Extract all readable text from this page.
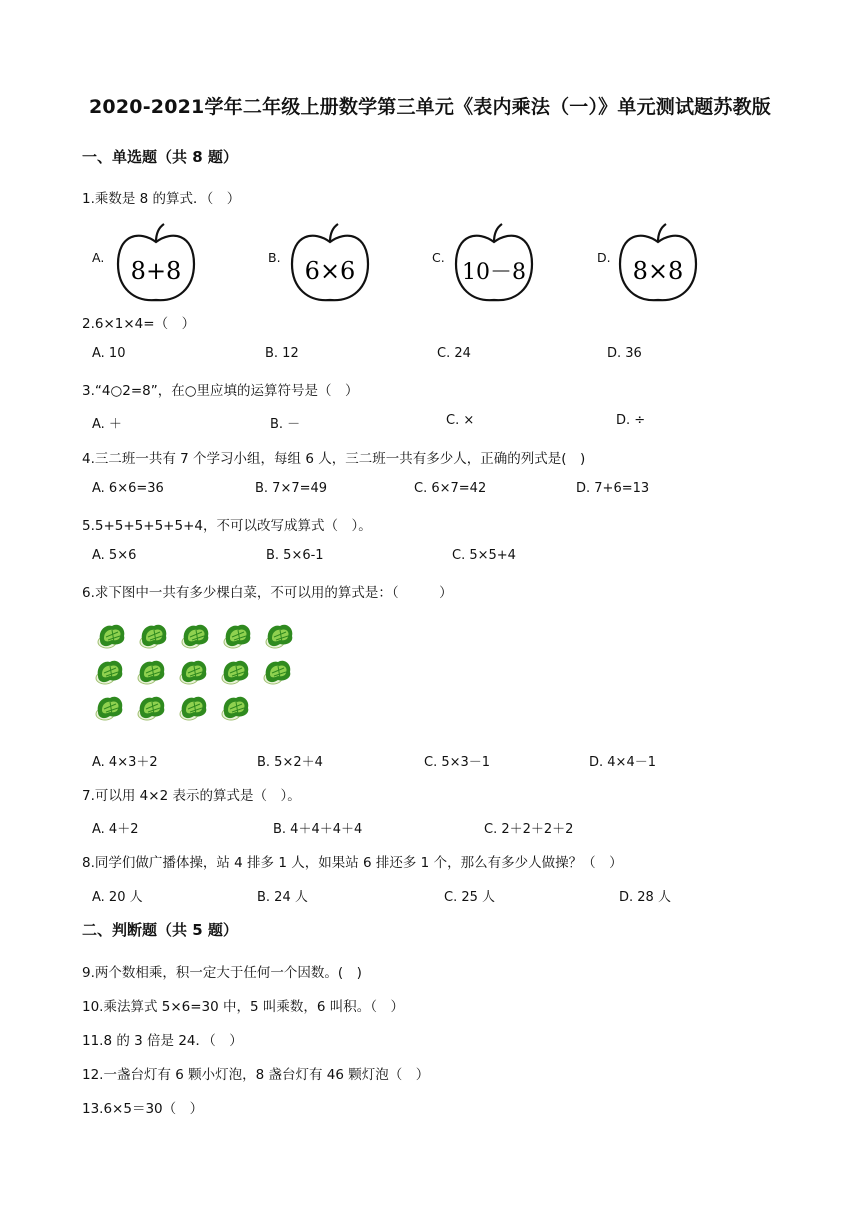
2020-2021学年二年级上册数学第三单元《表内乘法（一）》单元测试题苏教版
一、单选题（共 8 题）
1.乘数是 8 的算式．（　）
A. 8+8	B. 6×6	C.
10－8
D. 8×8
2.6×1×4=（　）
A. 10	B. 12	C. 24	D. 36
3.“4○2=8”，在○里应填的运算符号是（　）
A. ＋	B. －	C. ×	D. ÷
4.三二班一共有 7 个学习小组，每组 6 人，三二班一共有多少人，正确的列式是(　)
A. 6×6=36	B. 7×7=49	C. 6×7=42	D. 7+6=13
5.5+5+5+5+5+4，不可以改写成算式（　）。
A. 5×6	B. 5×6-1	C. 5×5+4
6.求下图中一共有多少棵白菜，不可以用的算式是：（　　　）
A. 4×3＋2	B. 5×2＋4	C. 5×3－1	D. 4×4－1
7.可以用 4×2 表示的算式是（　）。
A. 4＋2	B. 4＋4＋4＋4	C. 2＋2＋2＋2
8.同学们做广播体操，站 4 排多 1 人，如果站 6 排还多 1 个，那么有多少人做操？（　）
A. 20 人	B. 24 人	C. 25 人	D. 28 人
二、判断题（共 5 题）
9.两个数相乘，积一定大于任何一个因数。(　)
10.乘法算式 5×6=30 中，5 叫乘数，6 叫积。（　）
11.8 的 3 倍是 24．（　）
12.一盏台灯有 6 颗小灯泡，8 盏台灯有 46 颗灯泡（　）
13.6×5＝30（　）
